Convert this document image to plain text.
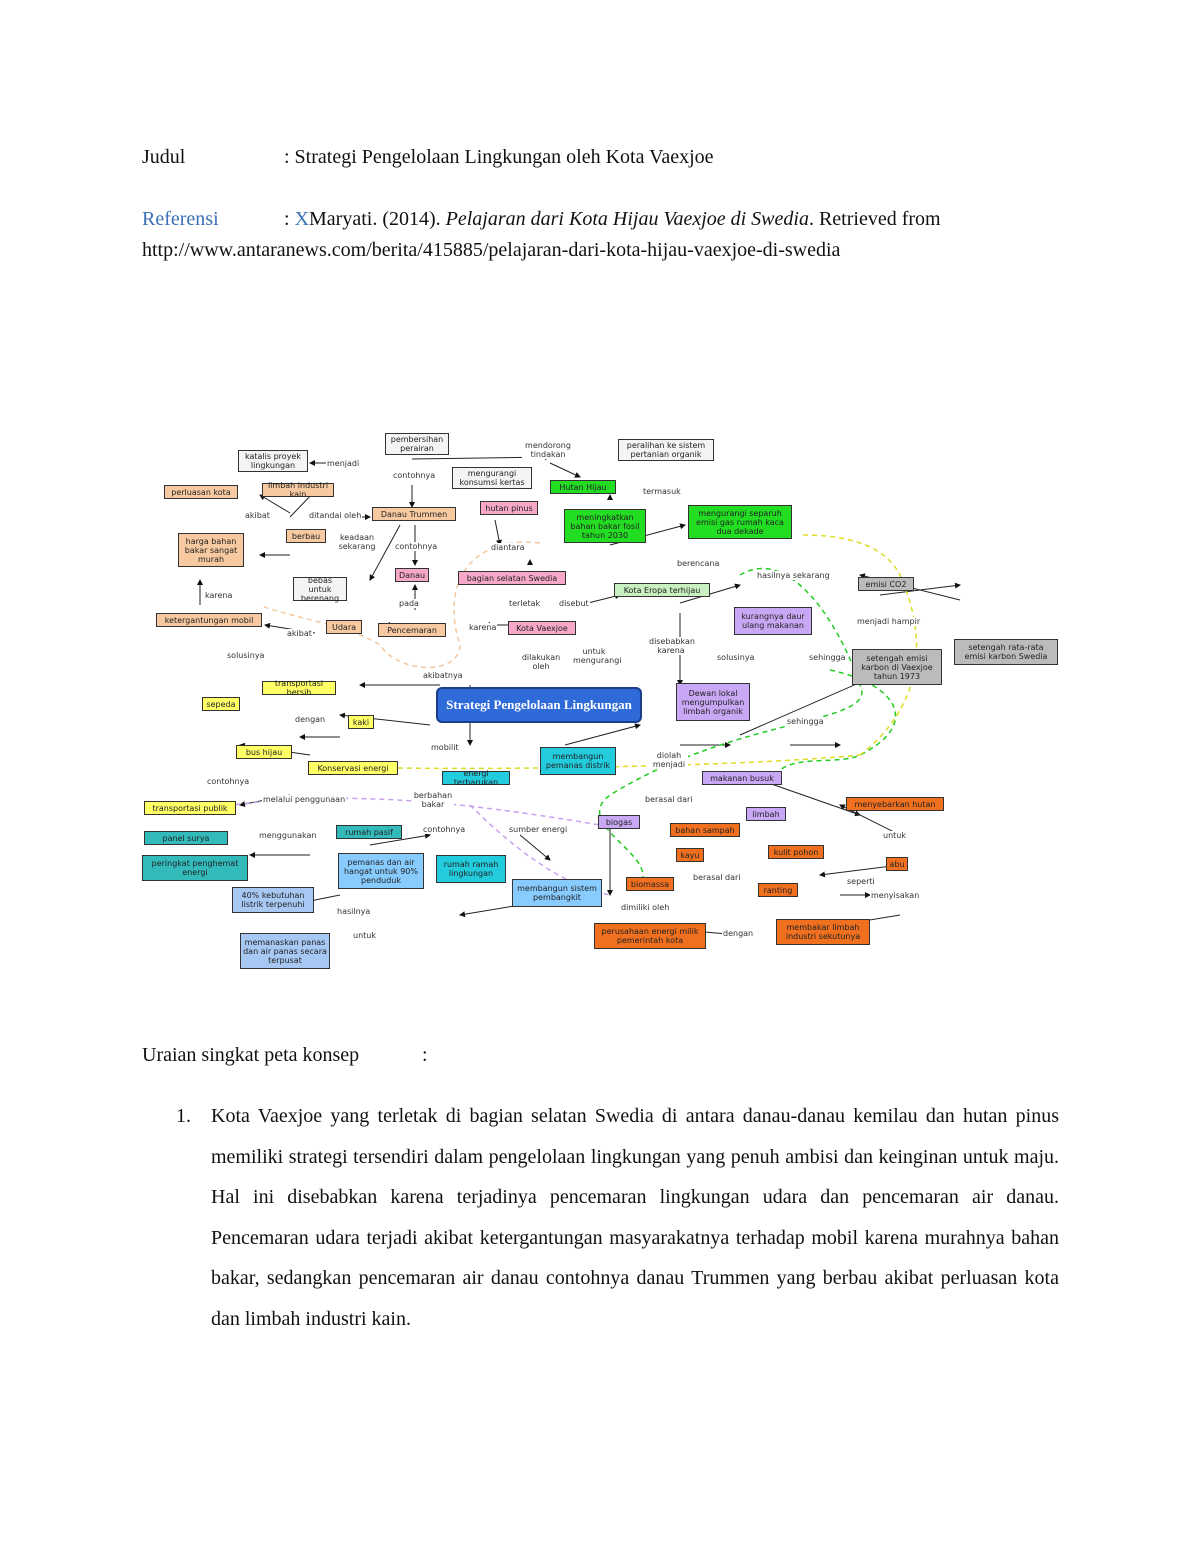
Judul	: Strategi Pengelolaan Lingkungan oleh Kota Vaexjoe
Referensi	: XMaryati. (2014). Pelajaran dari Kota Hijau Vaexjoe di Swedia. Retrieved from
http://www.antaranews.com/berita/415885/pelajaran-dari-kota-hijau-vaexjoe-di-swedia
pembersihan perairan
katalis proyek lingkungan
peralihan ke sistem pertanian organik
mengurangi konsumsi kertas
perluasan kota
limbah industri kain
Hutan Hijau
hutan pinus
berbau
Danau Trummen	meningkatkan bahan bakar fosil tahun 2030
mengurangi separuh emisi gas rumah kaca dua dekade
harga bahan bakar sangat murah
Danau	bagian selatan Swedia
bebas untuk berenang
Kota Eropa terhijau
emisi CO2
ketergantungan mobil
Udara	Pencemaran	Kota Vaexjoe
kurangnya daur ulang makanan
setengah rata-rata emisi karbon Swedia
setengah emisi karbon di Vaexjoe tahun 1973
transportasi bersih
Strategi Pengelolaan Lingkungan
Dewan lokal mengumpulkan limbah organik
sepeda
kaki
bus hijau
Konservasi energi
energi terbarukan
membangun pemanas distrik
makanan busuk
transportasi publik
biogas
limbah
menyebarkan hutan
panel surya
rumah pasif	bahan sampah
peringkat penghemat energi
pemanas dan air hangat untuk 90% penduduk
rumah ramah lingkungan
kayu	kulit pohon
abu
membangun sistem pembangkit
biomassa
ranting
40% kebutuhan listrik terpenuhi
perusahaan energi milik pemerintah kota
membakar limbah industri sekutunya
memanaskan panas dan air panas secara terpusat
menjadi
mendorong tindakan
contohnya
termasuk
akibat	ditandai oleh
keadaan sekarang	contohnya	diantara
berencana
karena
pada	terletak disebut
hasilnya sekarang
akibat
karena
menjadi hampir
solusinya	untuk mengurangi
disebabkan karena
dilakukan oleh
akibatnya
solusinya	sehingga
dengan
mobilit
sehingga
diolah menjadi
contohnya
melalui penggunaan	berbahan bakar
berasal dari
menggunakan
contohnya	sumber energi
untuk
berasal dari	seperti
menyisakan
hasilnya	dimiliki oleh
untuk	dengan
Uraian singkat peta konsep	:
1. Kota Vaexjoe yang terletak di bagian selatan Swedia di antara danau-danau kemilau dan hutan pinus memiliki strategi tersendiri dalam pengelolaan lingkungan yang penuh ambisi dan keinginan untuk maju. Hal ini disebabkan karena terjadinya pencemaran lingkungan udara dan pencemaran air danau. Pencemaran udara terjadi akibat ketergantungan masyarakatnya terhadap mobil karena murahnya bahan bakar, sedangkan pencemaran air danau contohnya danau Trummen yang berbau akibat perluasan kota dan limbah industri kain.
